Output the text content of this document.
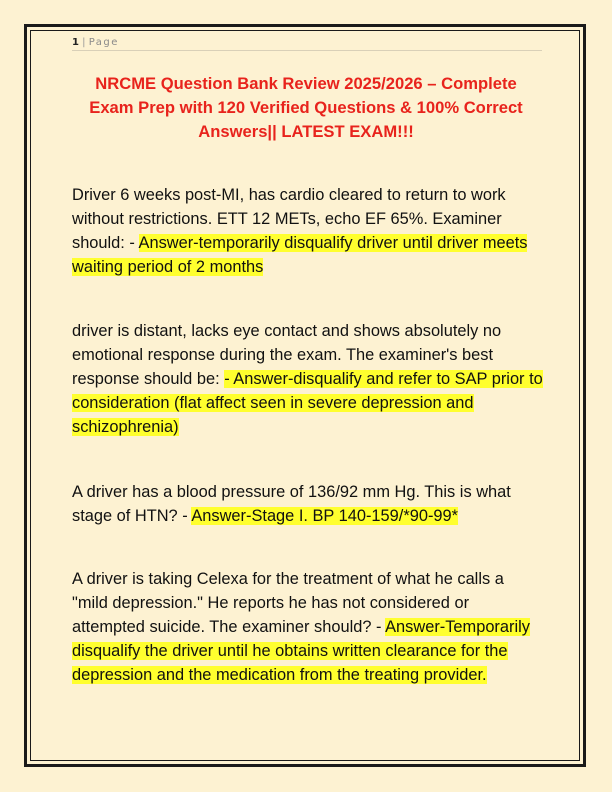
1 | Page
NRCME Question Bank Review 2025/2026 – Complete Exam Prep with 120 Verified Questions & 100% Correct Answers|| LATEST EXAM!!!
Driver 6 weeks post-MI, has cardio cleared to return to work without restrictions. ETT 12 METs, echo EF 65%. Examiner should: - Answer-temporarily disqualify driver until driver meets waiting period of 2 months
driver is distant, lacks eye contact and shows absolutely no emotional response during the exam. The examiner's best response should be: - Answer-disqualify and refer to SAP prior to consideration (flat affect seen in severe depression and schizophrenia)
A driver has a blood pressure of 136/92 mm Hg. This is what stage of HTN? - Answer-Stage I. BP 140-159/*90-99*
A driver is taking Celexa for the treatment of what he calls a "mild depression." He reports he has not considered or attempted suicide. The examiner should? - Answer-Temporarily disqualify the driver until he obtains written clearance for the depression and the medication from the treating provider.
